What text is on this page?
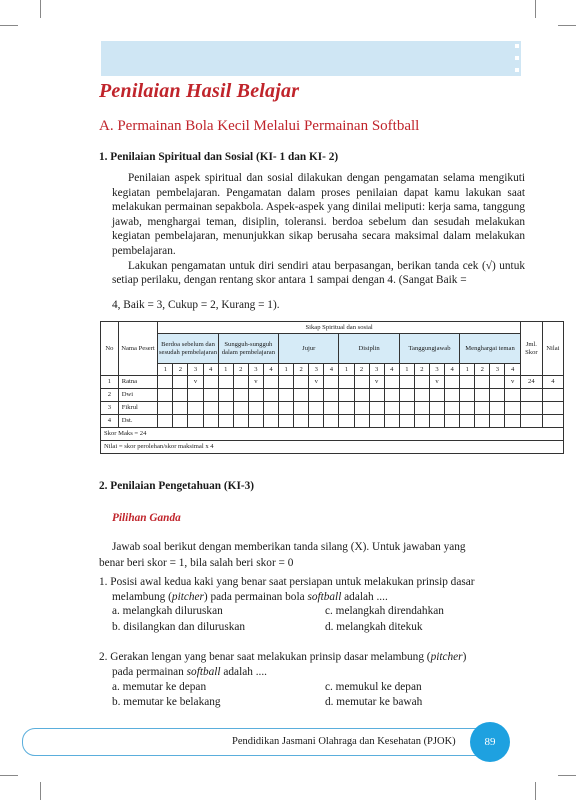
Penilaian Hasil Belajar
A. Permainan Bola Kecil Melalui Permainan Softball
1. Penilaian Spiritual dan Sosial (KI- 1 dan KI- 2)

Penilaian aspek spiritual dan sosial dilakukan dengan pengamatan selama mengikuti kegiatan pembelajaran. Pengamatan dalam proses penilaian dapat kamu lakukan saat melakukan permainan sepakbola. Aspek-aspek yang dinilai meliputi: kerja sama, tanggung jawab, menghargai teman, disiplin, toleransi. berdoa sebelum dan sesudah melakukan kegiatan pembelajaran, menunjukkan sikap berusaha secara maksimal dalam melakukan pembelajaran.

Lakukan pengamatan untuk diri sendiri atau berpasangan, berikan tanda cek (√) untuk setiap perilaku, dengan rentang skor antara 1 sampai dengan 4. (Sangat Baik =

4, Baik = 3, Cukup = 2, Kurang = 1).
No	Nama Pesert	Sikap Spiritual dan sosial																								Jml. Skor	Nilai
		Berdoa sebelum dan sesudah pembelajaran				Sungguh-sungguh dalam pembelajaran				Jujur				Disiplin				Tanggungjawab				Menghargai teman					
		1	2	3	4	1	2	3	4	1	2	3	4	1	2	3	4	1	2	3	4	1	2	3	4		
1	Ratna			v				v				v				v				v					v	24	4
2	Dwi																										
3	Fikrul																										
4	Dst.																										
Skor Maks = 24																											
Nilai = skor perolehan/skor maksimal x 4																											
2. Penilaian Pengetahuan (KI-3)
Pilihan Ganda
Jawab soal berikut dengan memberikan tanda silang (X). Untuk jawaban yang
benar beri skor = 1, bila salah beri skor = 0
1. Posisi awal kedua kaki yang benar saat persiapan untuk melakukan prinsip dasar
melambung (pitcher) pada permainan bola softball adalah ....
a. melangkah diluruskan	c. melangkah direndahkan
b. disilangkan dan diluruskan	d. melangkah ditekuk
2. Gerakan lengan yang benar saat melakukan prinsip dasar melambung (pitcher)
pada permainan softball adalah ....
a. memutar ke depan	c. memukul ke depan
b. memutar ke belakang	d. memutar ke bawah
Pendidikan Jasmani Olahraga dan Kesehatan (PJOK)	89
